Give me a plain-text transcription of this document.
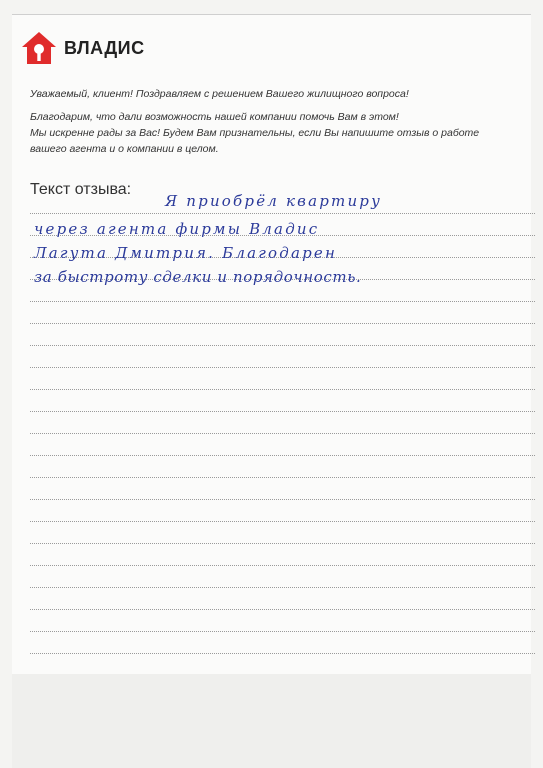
ВЛАДИС
Уважаемый, клиент! Поздравляем с решением Вашего жилищного вопроса!
Благодарим, что дали возможность нашей компании помочь Вам в этом!
Мы искренне рады за Вас! Будем Вам признательны, если Вы напишите отзыв о работе
вашего агента и о компании в целом.
Текст отзыва:
Я приобрёл квартиру
через агента фирмы Владис
Лагута Дмитрия. Благодарен
за быстроту сделки и порядочность.
